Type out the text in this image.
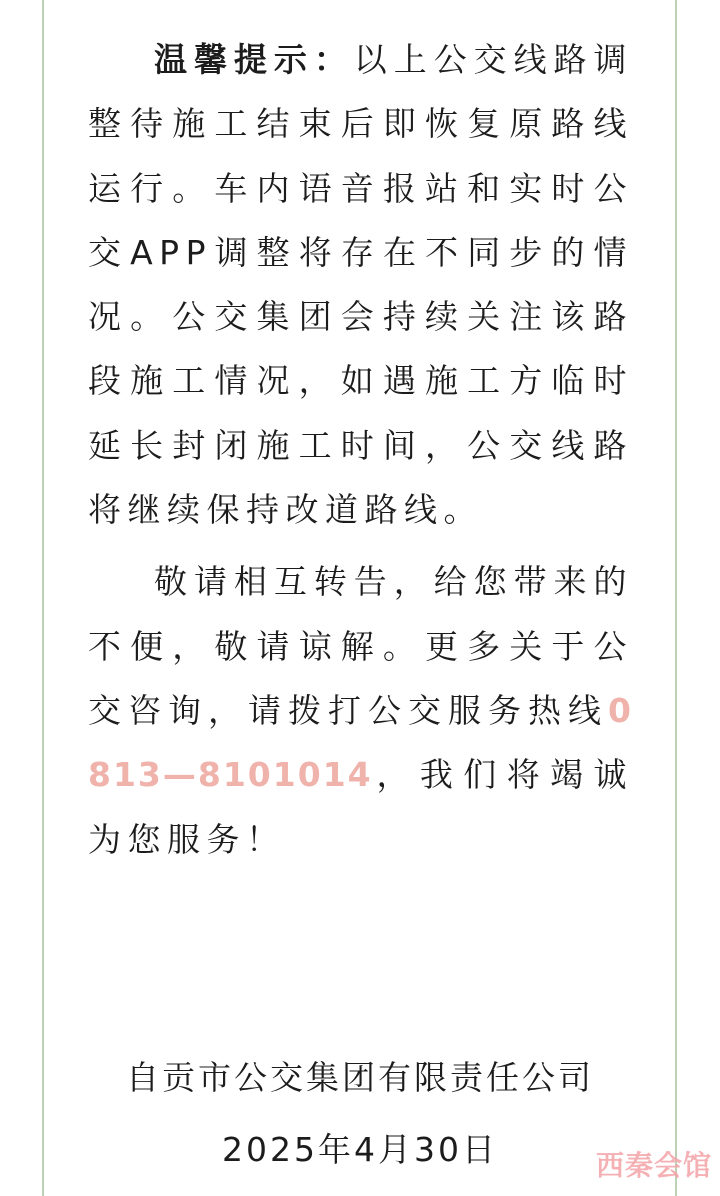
温馨提示：以上公交线路调整待施工结束后即恢复原路线运行。车内语音报站和实时公交APP调整将存在不同步的情况。公交集团会持续关注该路段施工情况，如遇施工方临时延长封闭施工时间，公交线路将继续保持改道路线。

敬请相互转告，给您带来的不便，敬请谅解。更多关于公交咨询，请拨打公交服务热线0813—8101014，我们将竭诚为您服务！

自贡市公交集团有限责任公司

2025年4月30日	西秦会馆
